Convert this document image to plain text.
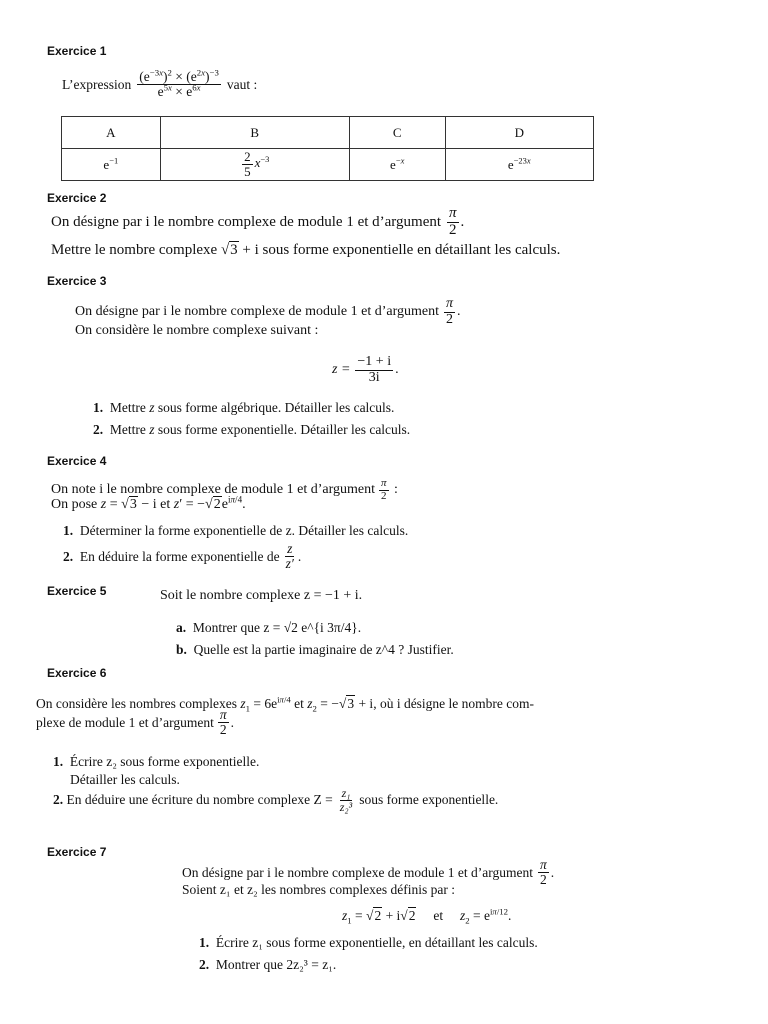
Exercice 1
L’expression $\frac{(e^{-3x})^2 \times (e^{2x})^{-3}}{e^{5x} \times e^{6x}}$ vaut :
A	B	C	D
$e^{-1}$	$\frac{2}{5} x^{-3}$	$e^{-x}$	$e^{-23x}$
Exercice 2
On désigne par i le nombre complexe de module 1 et d’argument $\frac{\pi}{2}$ .
Mettre le nombre complexe √3 + i sous forme exponentielle en détaillant les calculs.
Exercice 3
On désigne par i le nombre complexe de module 1 et d’argument $\frac{\pi}{2}$ .
On considère le nombre complexe suivant :
$z = \frac{-1 + i}{3i}$ .
1. Mettre z sous forme algébrique. Détailler les calculs.
2. Mettre z sous forme exponentielle. Détailler les calculs.
Exercice 4
On note i le nombre complexe de module 1 et d’argument $\frac{\pi}{2}$ :
On pose z = √3 − i et $z' = -√2e^{i\pi/4}$.
1. Déterminer la forme exponentielle de z. Détailler les calculs.
2.
En déduire la forme exponentielle de $\frac{z}{z'}$ .
Exercice 5	Soit le nombre complexe z = −1 + i.
a. Montrer que z = √2 e^{i 3π/4}.
b. Quelle est la partie imaginaire de z^4 ? Justifier.
Exercice 6
On considère les nombres complexes $z_1 = 6e^{i\pi/4}$ et $z_2 = -√3 + i$, où i désigne le nombre com-
plexe de module 1 et d’argument $\frac{\pi}{2}$ .
1. Écrire z₂ sous forme exponentielle.
Détailler les calculs.
2.
En déduire une écriture du nombre complexe $Z = \frac{\text{z₁}}{\text{z₂³}}$ sous forme exponentielle.
Exercice 7
On désigne par i le nombre complexe de module 1 et d’argument $\frac{\pi}{2}$ .
Soient z₁ et z₂ les nombres complexes définis par :
$z_1 = √2 + i√2$ et $z_2 = e^{i\pi/12}$.
1. Écrire z₁ sous forme exponentielle, en détaillant les calculs.
2. Montrer que 2z₂³ = z₁.
